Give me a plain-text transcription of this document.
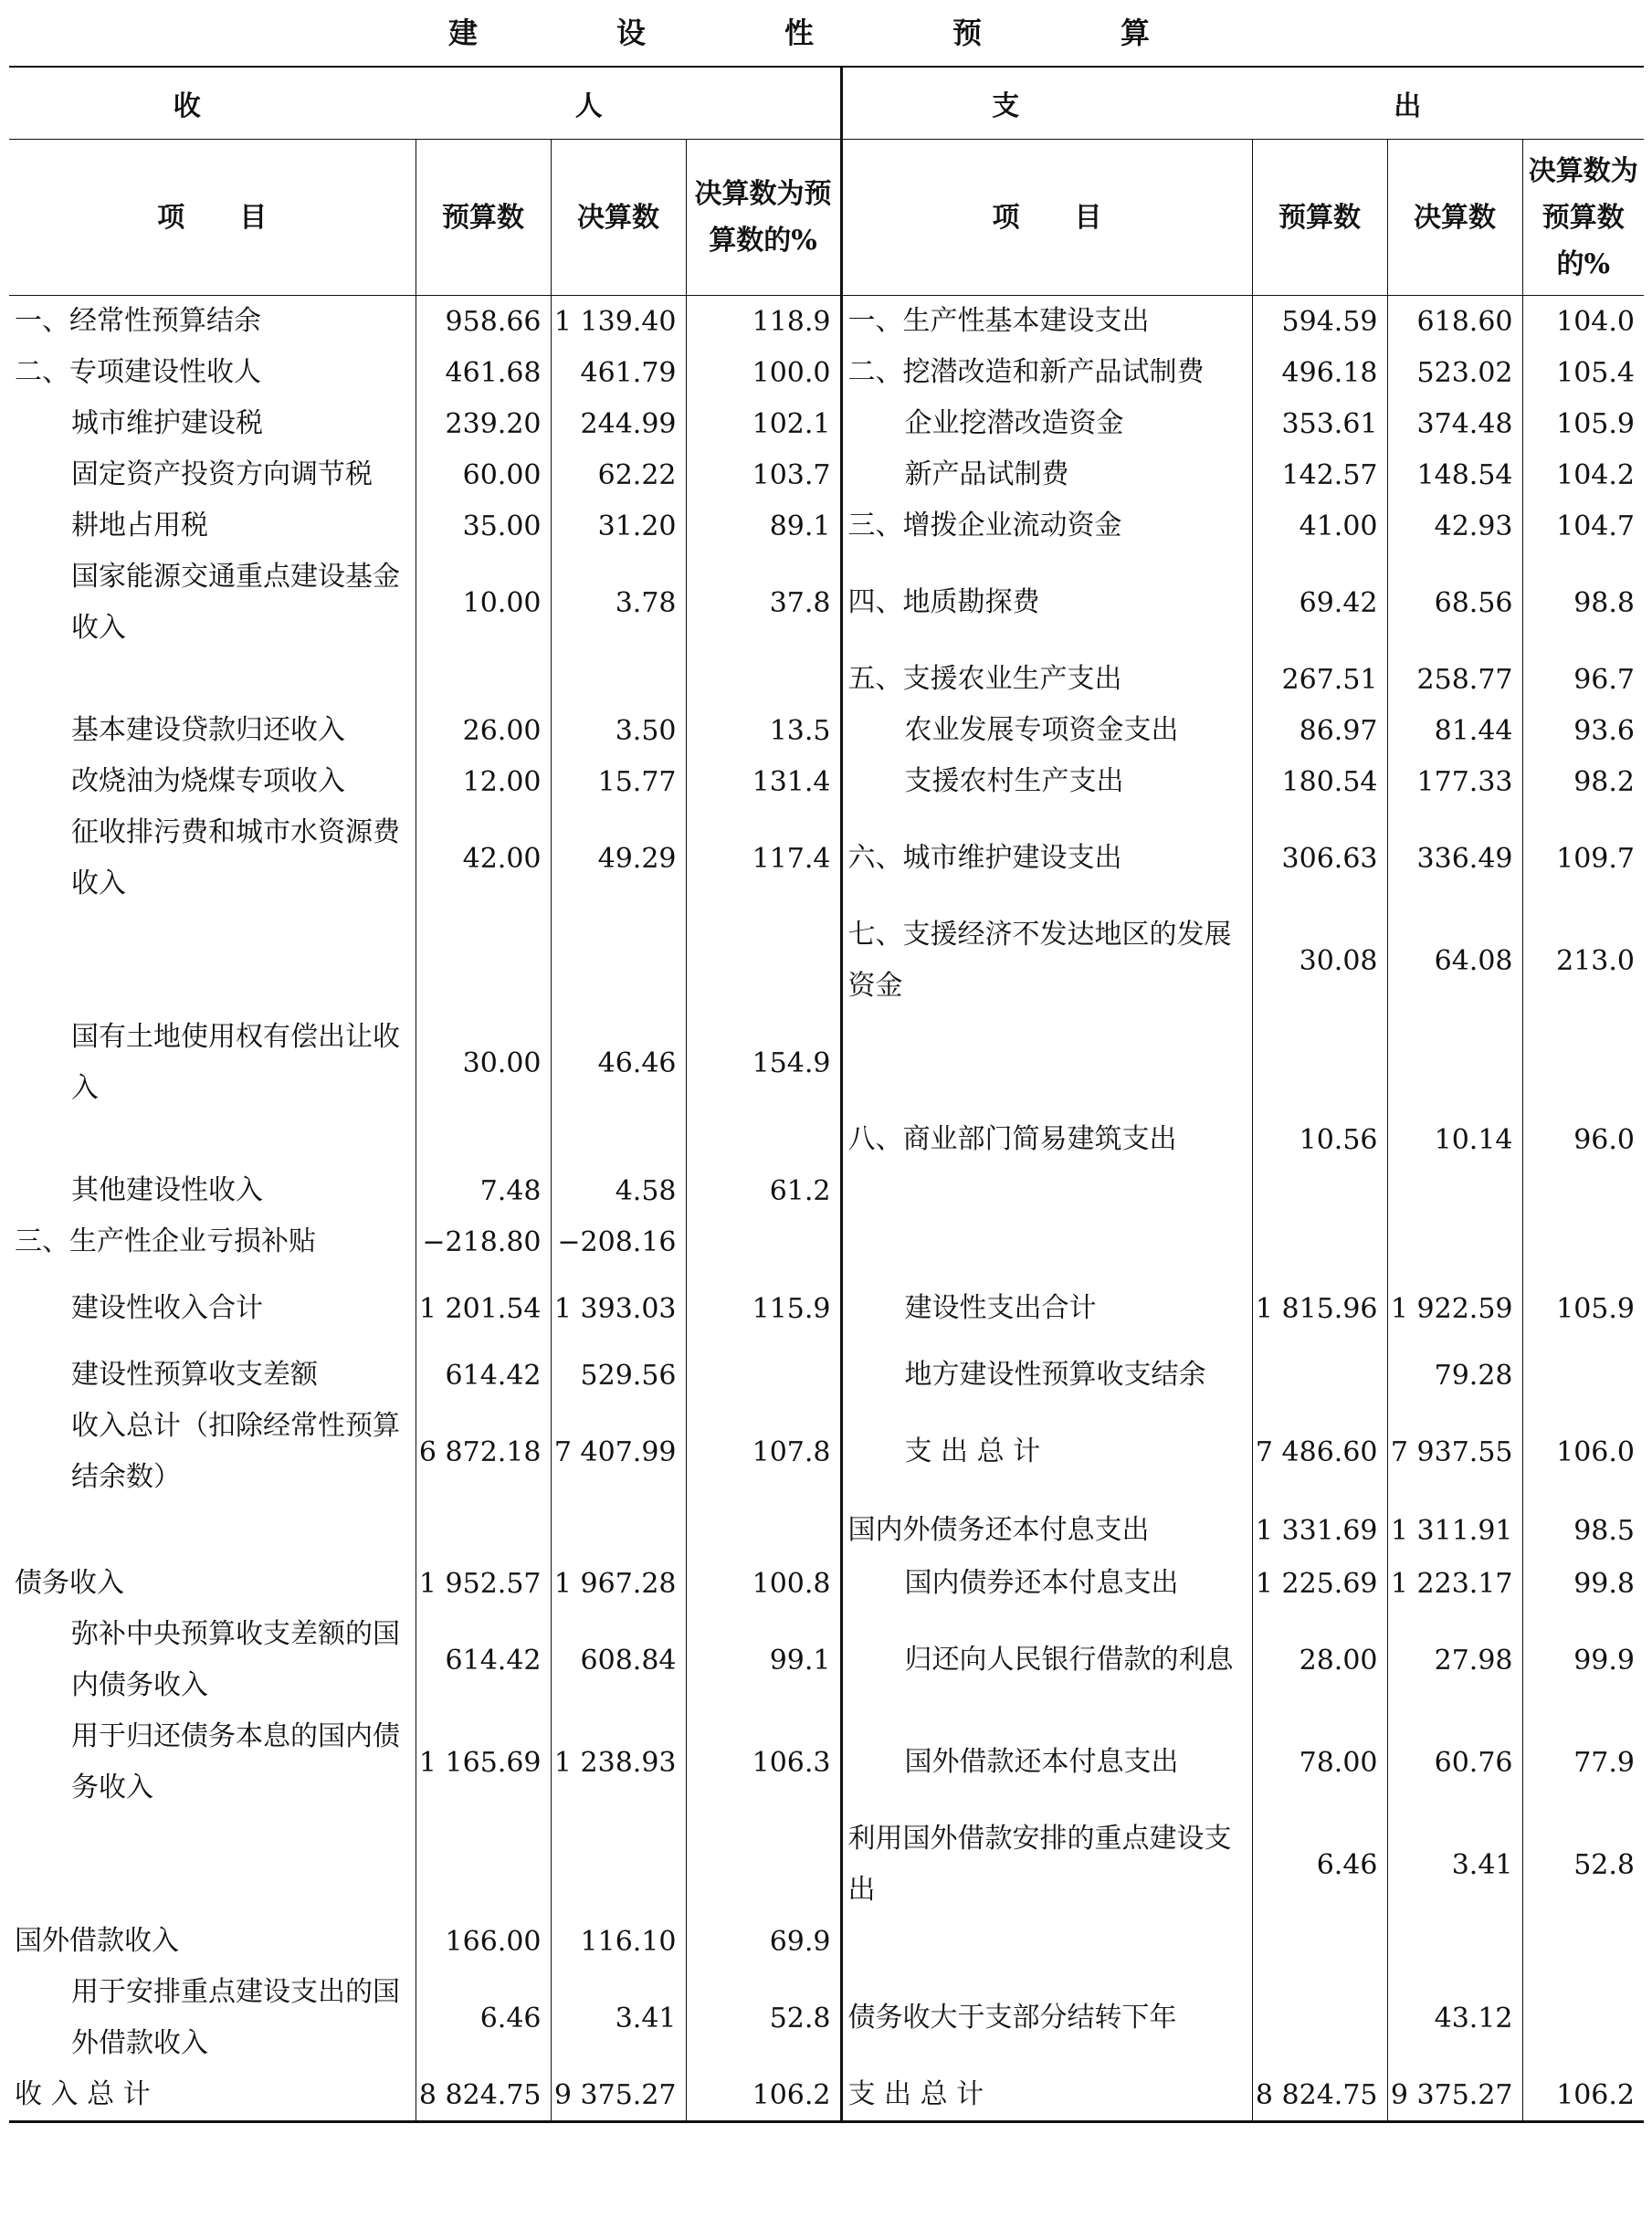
建　设　性　预　算
收　　　人				支　　　出			
项　　目	预算数	决算数	决算数为预算数的%	项　　目	预算数	决算数	决算数为预算数的%
一、经常性预算结余	958.66	1 139.40	118.9	一、生产性基本建设支出	594.59	618.60	104.0
二、专项建设性收人	461.68	461.79	100.0	二、挖潜改造和新产品试制费	496.18	523.02	105.4
城市维护建设税	239.20	244.99	102.1	企业挖潜改造资金	353.61	374.48	105.9
固定资产投资方向调节税	60.00	62.22	103.7	新产品试制费	142.57	148.54	104.2
耕地占用税	35.00	31.20	89.1	三、增拨企业流动资金	41.00	42.93	104.7
国家能源交通重点建设基金收入	10.00	3.78	37.8	四、地质勘探费	69.42	68.56	98.8
				五、支援农业生产支出	267.51	258.77	96.7
基本建设贷款归还收入	26.00	3.50	13.5	农业发展专项资金支出	86.97	81.44	93.6
改烧油为烧煤专项收入	12.00	15.77	131.4	支援农村生产支出	180.54	177.33	98.2
征收排污费和城市水资源费收入	42.00	49.29	117.4	六、城市维护建设支出	306.63	336.49	109.7
				七、支援经济不发达地区的发展资金	30.08	64.08	213.0
国有土地使用权有偿出让收入	30.00	46.46	154.9				
				八、商业部门简易建筑支出	10.56	10.14	96.0
其他建设性收入	7.48	4.58	61.2				
三、生产性企业亏损补贴	−218.80	−208.16					
建设性收入合计	1 201.54	1 393.03	115.9	建设性支出合计	1 815.96	1 922.59	105.9
建设性预算收支差额	614.42	529.56		地方建设性预算收支结余		79.28	
收入总计（扣除经常性预算结余数）	6 872.18	7 407.99	107.8	支 出 总 计	7 486.60	7 937.55	106.0
				国内外债务还本付息支出	1 331.69	1 311.91	98.5
债务收入	1 952.57	1 967.28	100.8	国内债券还本付息支出	1 225.69	1 223.17	99.8
弥补中央预算收支差额的国内债务收入	614.42	608.84	99.1	归还向人民银行借款的利息	28.00	27.98	99.9
用于归还债务本息的国内债务收入	1 165.69	1 238.93	106.3	国外借款还本付息支出	78.00	60.76	77.9
				利用国外借款安排的重点建设支出	6.46	3.41	52.8
国外借款收入	166.00	116.10	69.9				
用于安排重点建设支出的国外借款收入	6.46	3.41	52.8	债务收大于支部分结转下年		43.12	
收 入 总 计	8 824.75	9 375.27	106.2	支 出 总 计	8 824.75	9 375.27	106.2
